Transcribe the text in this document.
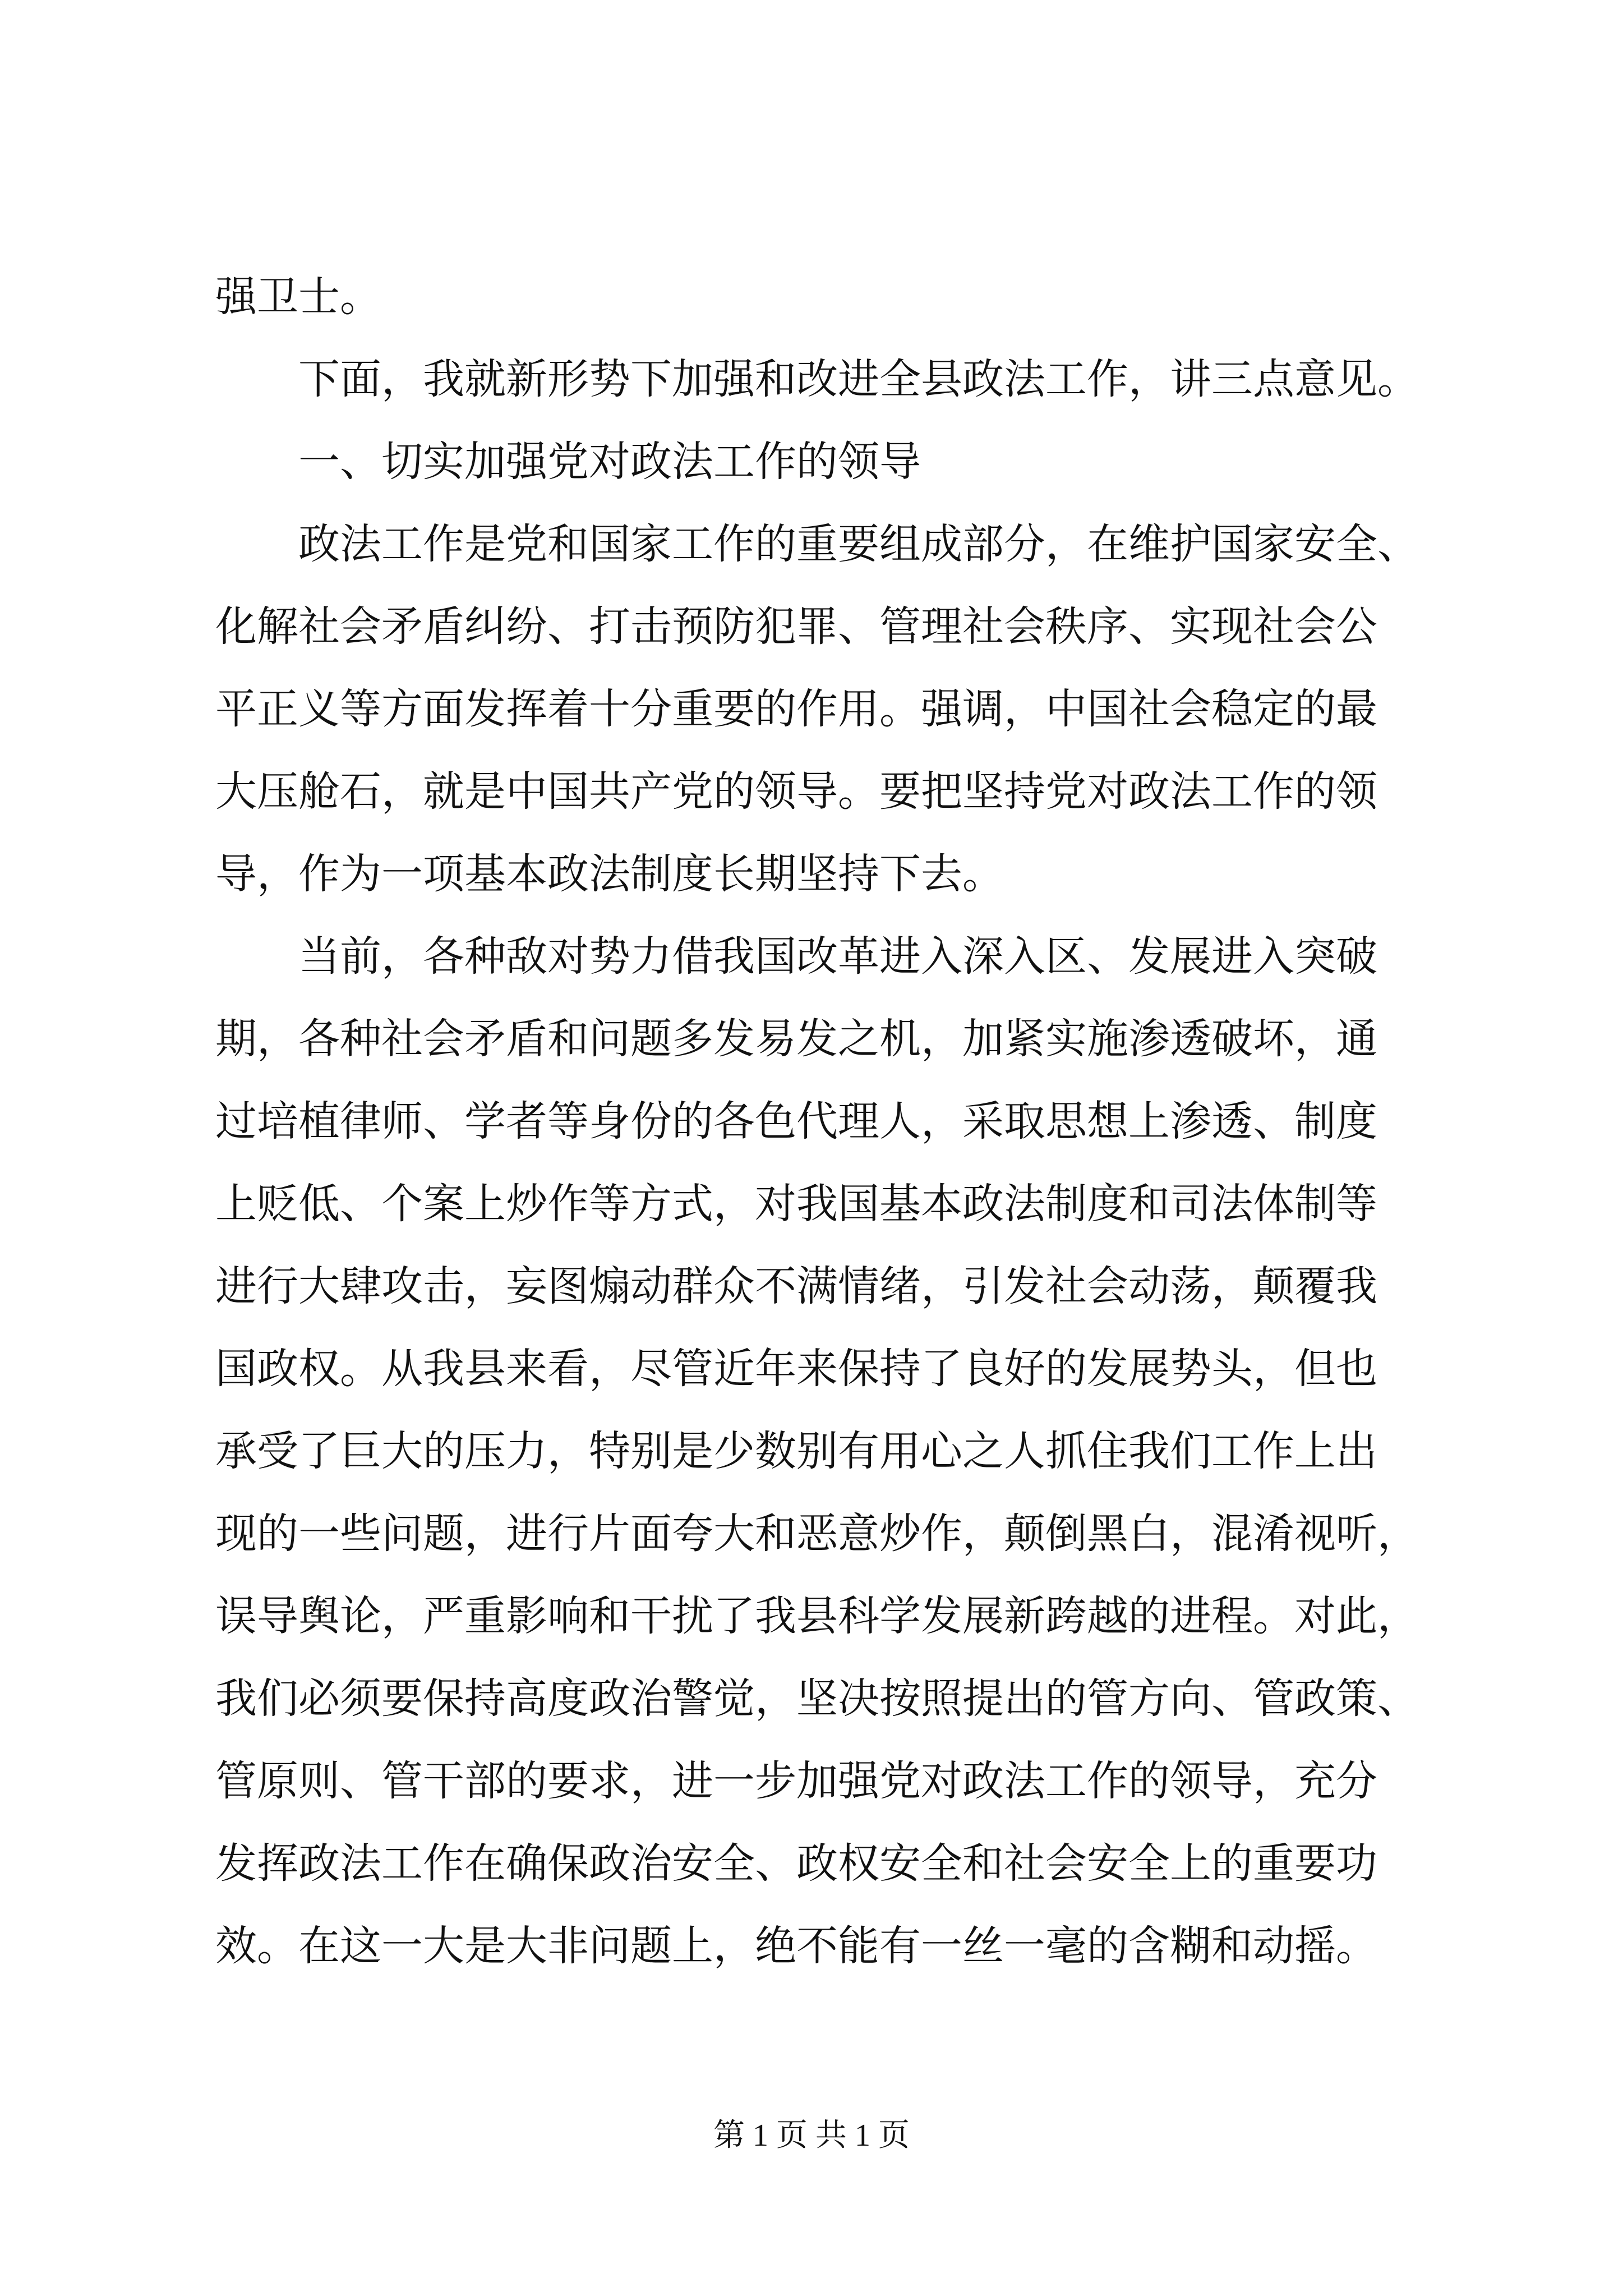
强卫士。
下面，我就新形势下加强和改进全县政法工作，讲三点意见。
一、切实加强党对政法工作的领导
政法工作是党和国家工作的重要组成部分，在维护国家安全、
化解社会矛盾纠纷、打击预防犯罪、管理社会秩序、实现社会公
平正义等方面发挥着十分重要的作用。强调，中国社会稳定的最
大压舱石，就是中国共产党的领导。要把坚持党对政法工作的领
导，作为一项基本政法制度长期坚持下去。
当前，各种敌对势力借我国改革进入深入区、发展进入突破
期，各种社会矛盾和问题多发易发之机，加紧实施渗透破坏，通
过培植律师、学者等身份的各色代理人，采取思想上渗透、制度
上贬低、个案上炒作等方式，对我国基本政法制度和司法体制等
进行大肆攻击，妄图煽动群众不满情绪，引发社会动荡，颠覆我
国政权。从我县来看，尽管近年来保持了良好的发展势头，但也
承受了巨大的压力，特别是少数别有用心之人抓住我们工作上出
现的一些问题，进行片面夸大和恶意炒作，颠倒黑白，混淆视听，
误导舆论，严重影响和干扰了我县科学发展新跨越的进程。对此，
我们必须要保持高度政治警觉，坚决按照提出的管方向、管政策、
管原则、管干部的要求，进一步加强党对政法工作的领导，充分
发挥政法工作在确保政治安全、政权安全和社会安全上的重要功
效。在这一大是大非问题上，绝不能有一丝一毫的含糊和动摇。
第 1 页 共 1 页
